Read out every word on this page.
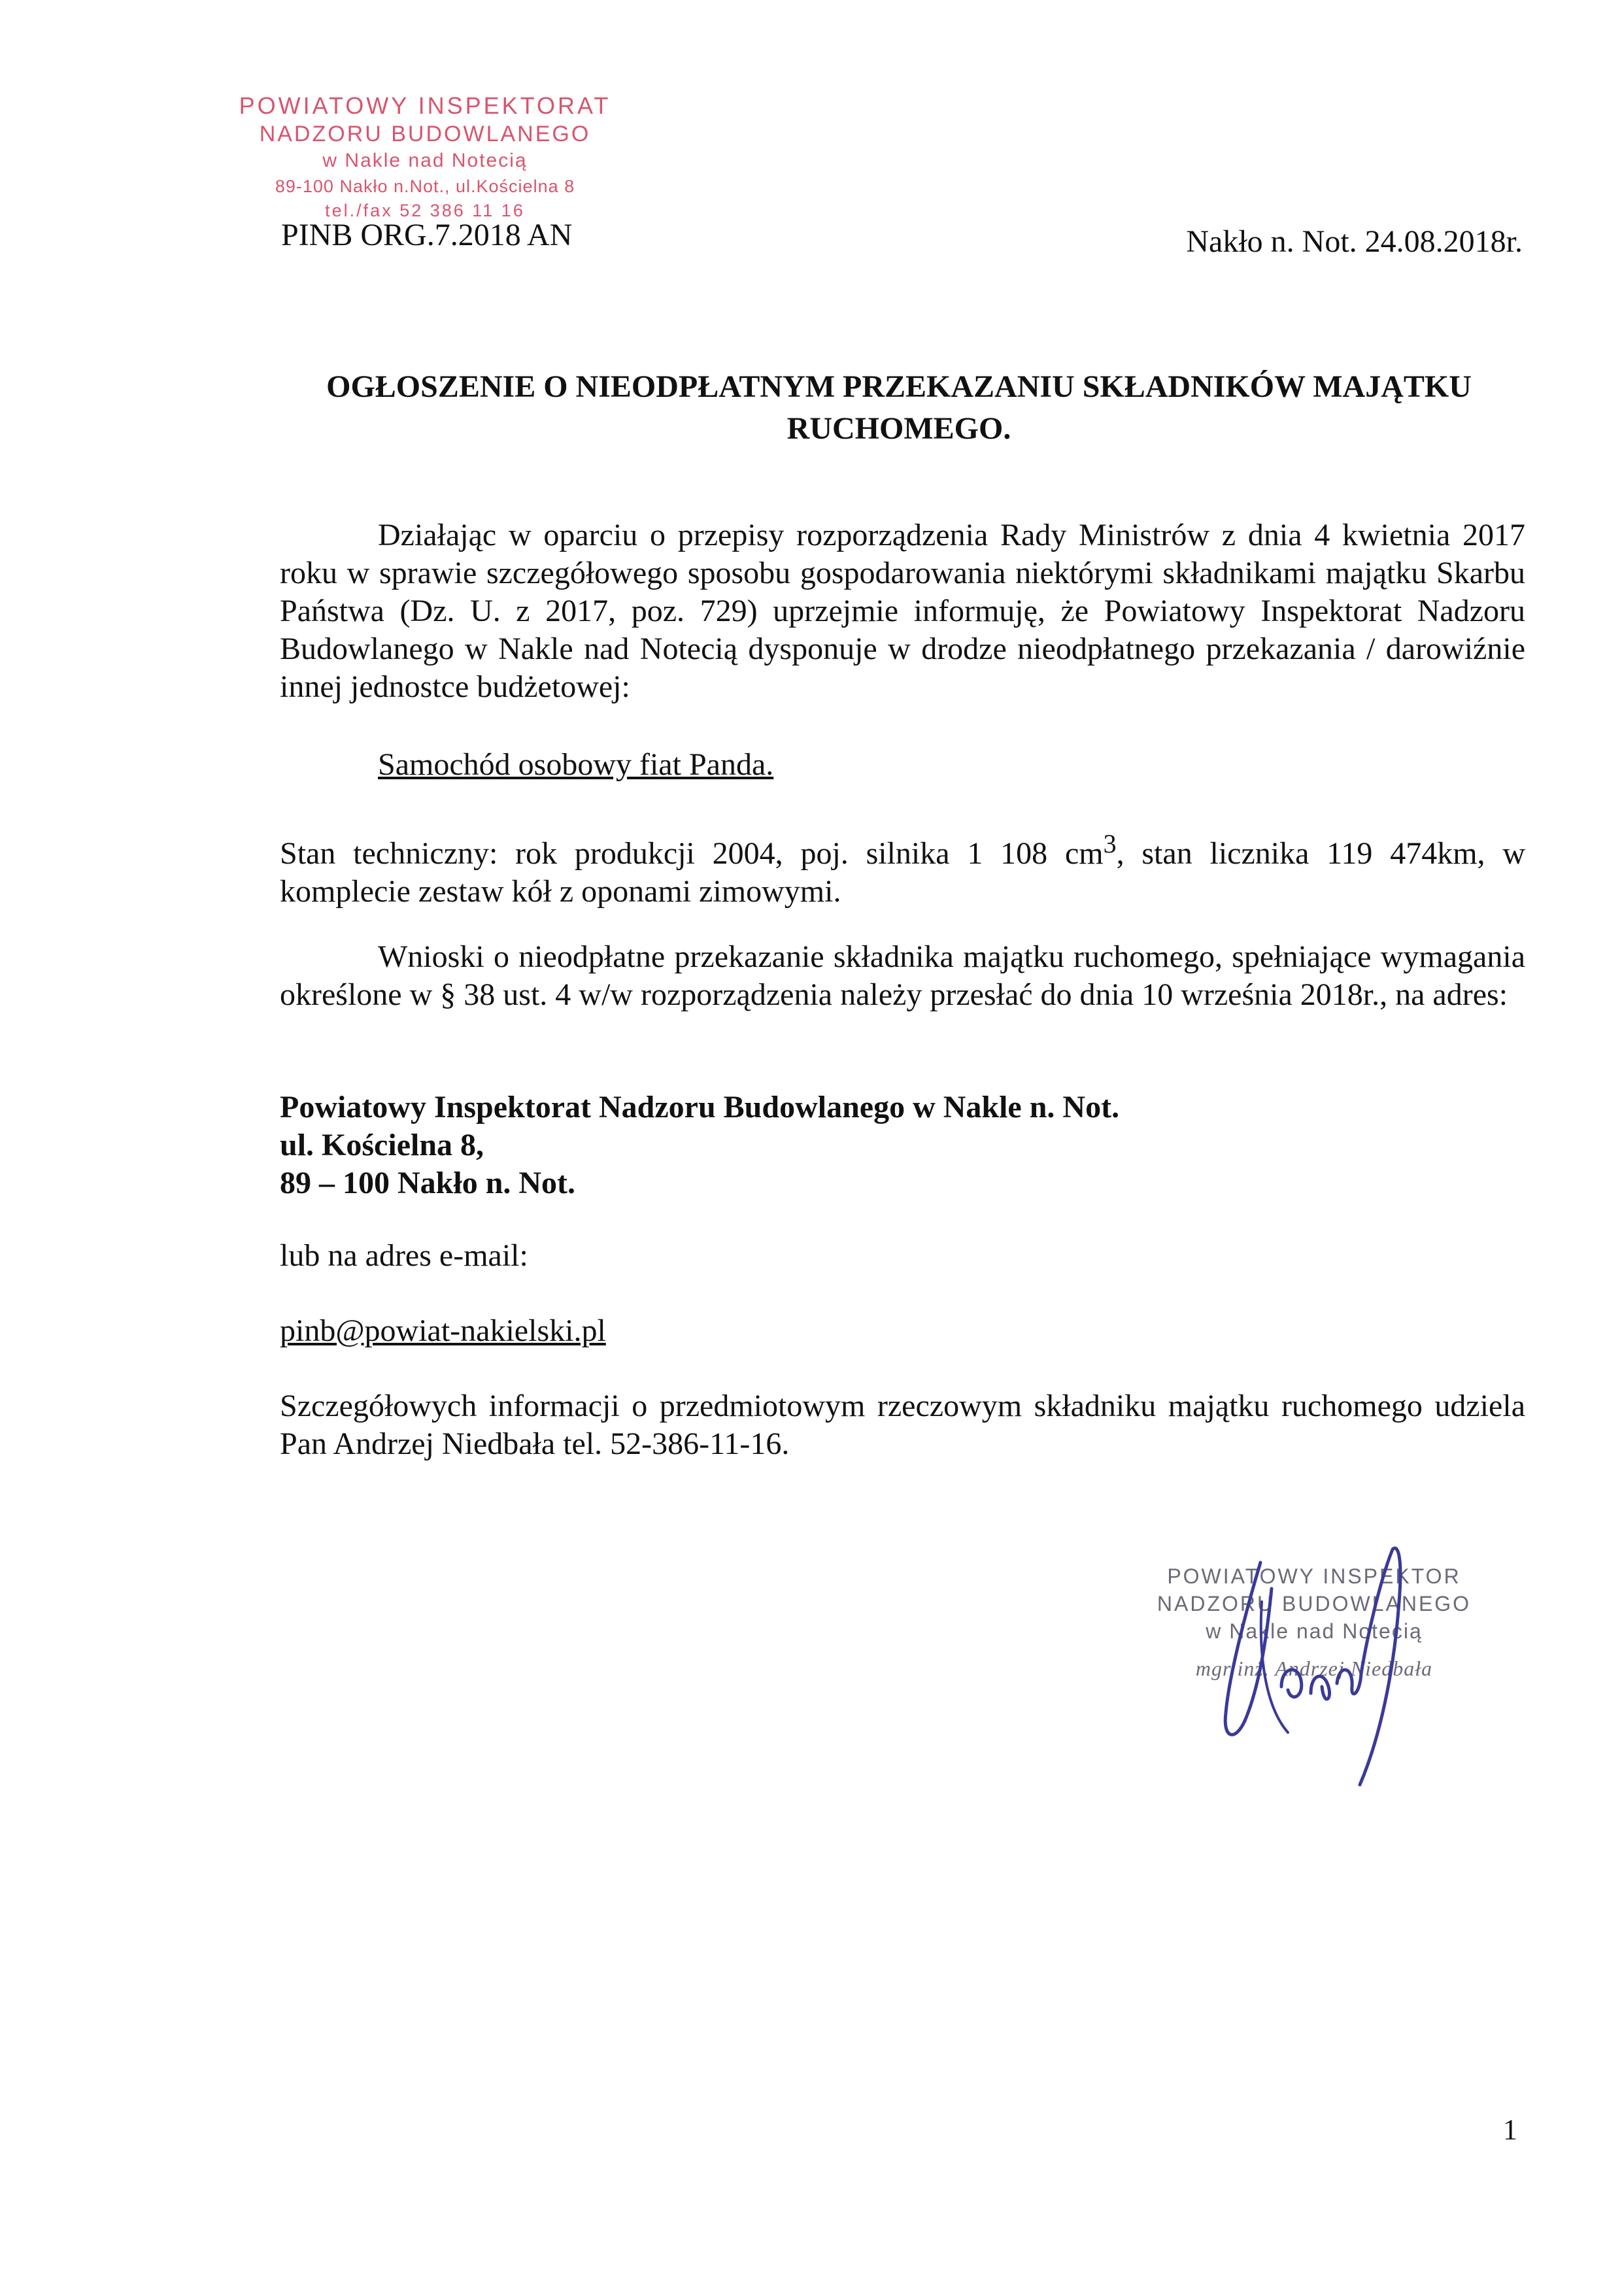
POWIATOWY INSPEKTORAT
NADZORU BUDOWLANEGO
w Nakle nad Notecią
89-100 Nakło n.Not., ul.Kościelna 8
tel./fax 52 386 11 16
PINB ORG.7.2018 AN	Nakło n. Not. 24.08.2018r.
OGŁOSZENIE O NIEODPŁATNYM PRZEKAZANIU SKŁADNIKÓW MAJĄTKU RUCHOMEGO.
Działając w oparciu o przepisy rozporządzenia Rady Ministrów z dnia 4 kwietnia 2017 roku w sprawie szczegółowego sposobu gospodarowania niektórymi składnikami majątku Skarbu Państwa (Dz. U. z 2017, poz. 729) uprzejmie informuję, że Powiatowy Inspektorat Nadzoru Budowlanego w Nakle nad Notecią dysponuje w drodze nieodpłatnego przekazania / darowiźnie innej jednostce budżetowej:
Samochód osobowy fiat Panda.
Stan techniczny: rok produkcji 2004, poj. silnika 1 108 $cm^3$, stan licznika 119 474km, w komplecie zestaw kół z oponami zimowymi.
Wnioski o nieodpłatne przekazanie składnika majątku ruchomego, spełniające wymagania określone w § 38 ust. 4 w/w rozporządzenia należy przesłać do dnia 10 września 2018r., na adres:
Powiatowy Inspektorat Nadzoru Budowlanego w Nakle n. Not.
ul. Kościelna 8,
89 – 100 Nakło n. Not.
lub na adres e-mail:
pinb@powiat-nakielski.pl
Szczegółowych informacji o przedmiotowym rzeczowym składniku majątku ruchomego udziela Pan Andrzej Niedbała tel. 52-386-11-16.
POWIATOWY INSPEKTOR
NADZORU BUDOWLANEGO
w Nakle nad Notecią
mgr inż. Andrzej Niedbała
1
